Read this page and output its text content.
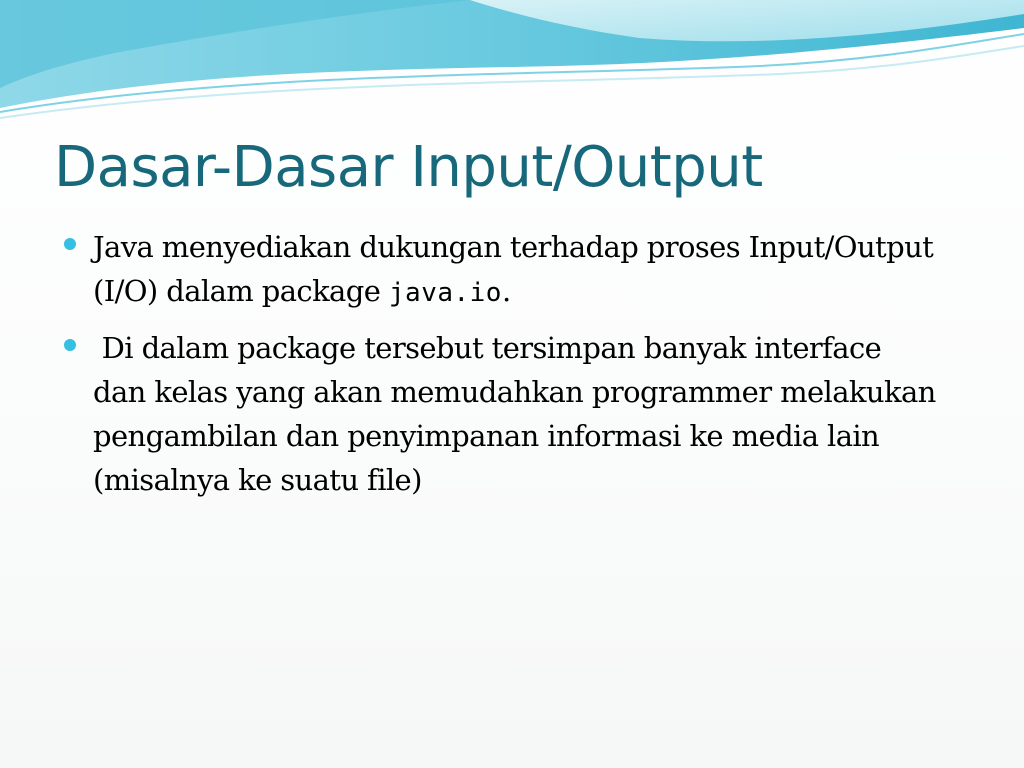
Dasar-Dasar Input/Output
Java menyediakan dukungan terhadap proses Input/Output (I/O) dalam package java.io.
Di dalam package tersebut tersimpan banyak interface dan kelas yang akan memudahkan programmer melakukan pengambilan dan penyimpanan informasi ke media lain (misalnya ke suatu file)
